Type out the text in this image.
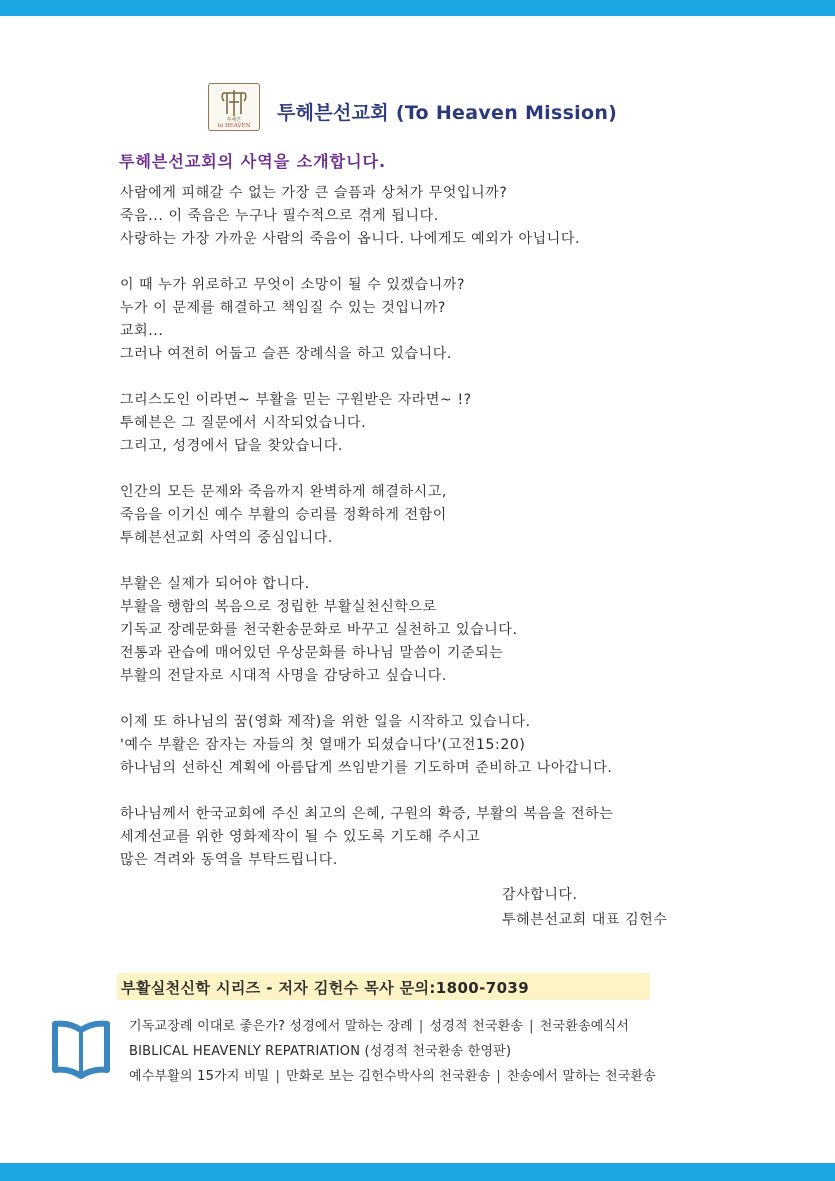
투헤븐
to HEAVEN
투헤븐선교회 (To Heaven Mission)
투헤븐선교회의 사역을 소개합니다.
사람에게 피해갈 수 없는 가장 큰 슬픔과 상처가 무엇입니까?
죽음... 이 죽음은 누구나 필수적으로 겪게 됩니다.
사랑하는 가장 가까운 사람의 죽음이 옵니다. 나에게도 예외가 아닙니다.
이 때 누가 위로하고 무엇이 소망이 될 수 있겠습니까?
누가 이 문제를 해결하고 책임질 수 있는 것입니까?
교회...
그러나 여전히 어둡고 슬픈 장례식을 하고 있습니다.
그리스도인 이라면~ 부활을 믿는 구원받은 자라면~ !?
투헤븐은 그 질문에서 시작되었습니다.
그리고, 성경에서 답을 찾았습니다.
인간의 모든 문제와 죽음까지 완벽하게 해결하시고,
죽음을 이기신 예수 부활의 승리를 정확하게 전함이
투헤븐선교회 사역의 중심입니다.
부활은 실제가 되어야 합니다.
부활을 행함의 복음으로 정립한 부활실천신학으로
기독교 장례문화를 천국환송문화로 바꾸고 실천하고 있습니다.
전통과 관습에 매어있던 우상문화를 하나님 말씀이 기준되는
부활의 전달자로 시대적 사명을 감당하고 싶습니다.
이제 또 하나님의 꿈(영화 제작)을 위한 일을 시작하고 있습니다.
'예수 부활은 잠자는 자들의 첫 열매가 되셨습니다'(고전15:20)
하나님의 선하신 계획에 아름답게 쓰임받기를 기도하며 준비하고 나아갑니다.
하나님께서 한국교회에 주신 최고의 은혜, 구원의 확증, 부활의 복음을 전하는
세계선교를 위한 영화제작이 될 수 있도록 기도해 주시고
많은 격려와 동역을 부탁드립니다.
감사합니다.
투헤븐선교회 대표 김헌수
부활실천신학 시리즈 - 저자 김헌수 목사 문의:1800-7039
기독교장례 이대로 좋은가? 성경에서 말하는 장례 | 성경적 천국환송 | 천국환송예식서
BIBLICAL HEAVENLY REPATRIATION (성경적 천국환송 한영판)
예수부활의 15가지 비밀 | 만화로 보는 김헌수박사의 천국환송 | 찬송에서 말하는 천국환송
